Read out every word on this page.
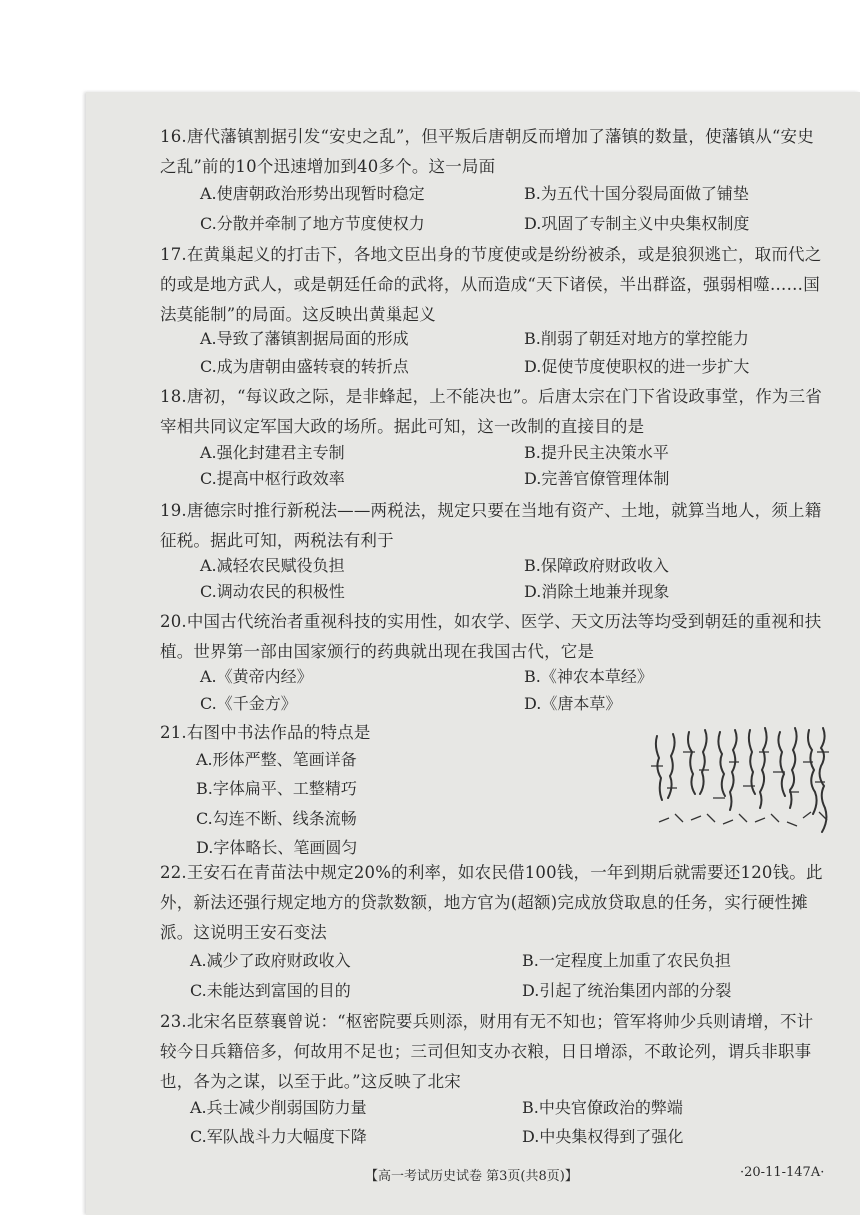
16.唐代藩镇割据引发“安史之乱”，但平叛后唐朝反而增加了藩镇的数量，使藩镇从“安史之乱”前的10个迅速增加到40多个。这一局面
A.使唐朝政治形势出现暂时稳定	B.为五代十国分裂局面做了铺垫
C.分散并牵制了地方节度使权力	D.巩固了专制主义中央集权制度
17.在黄巢起义的打击下，各地文臣出身的节度使或是纷纷被杀，或是狼狈逃亡，取而代之的或是地方武人，或是朝廷任命的武将，从而造成“天下诸侯，半出群盗，强弱相噬……国法莫能制”的局面。这反映出黄巢起义
A.导致了藩镇割据局面的形成	B.削弱了朝廷对地方的掌控能力
C.成为唐朝由盛转衰的转折点	D.促使节度使职权的进一步扩大
18.唐初，“每议政之际，是非蜂起，上不能决也”。后唐太宗在门下省设政事堂，作为三省宰相共同议定军国大政的场所。据此可知，这一改制的直接目的是
A.强化封建君主专制	B.提升民主决策水平
C.提高中枢行政效率	D.完善官僚管理体制
19.唐德宗时推行新税法——两税法，规定只要在当地有资产、土地，就算当地人，须上籍征税。据此可知，两税法有利于
A.减轻农民赋役负担	B.保障政府财政收入
C.调动农民的积极性	D.消除土地兼并现象
20.中国古代统治者重视科技的实用性，如农学、医学、天文历法等均受到朝廷的重视和扶植。世界第一部由国家颁行的药典就出现在我国古代，它是
A.《黄帝内经》	B.《神农本草经》
C.《千金方》	D.《唐本草》
21.右图中书法作品的特点是
A.形体严整、笔画详备
B.字体扁平、工整精巧
C.勾连不断、线条流畅
D.字体略长、笔画圆匀
22.王安石在青苗法中规定20%的利率，如农民借100钱，一年到期后就需要还120钱。此外，新法还强行规定地方的贷款数额，地方官为(超额)完成放贷取息的任务，实行硬性摊派。这说明王安石变法
A.减少了政府财政收入	B.一定程度上加重了农民负担
C.未能达到富国的目的	D.引起了统治集团内部的分裂
23.北宋名臣蔡襄曾说：“枢密院要兵则添，财用有无不知也；管军将帅少兵则请增，不计较今日兵籍倍多，何故用不足也；三司但知支办衣粮，日日增添，不敢论列，谓兵非职事也，各为之谋，以至于此。”这反映了北宋
A.兵士减少削弱国防力量	B.中央官僚政治的弊端
C.军队战斗力大幅度下降	D.中央集权得到了强化
【高一考试历史试卷 第3页(共8页)】	·20-11-147A·
